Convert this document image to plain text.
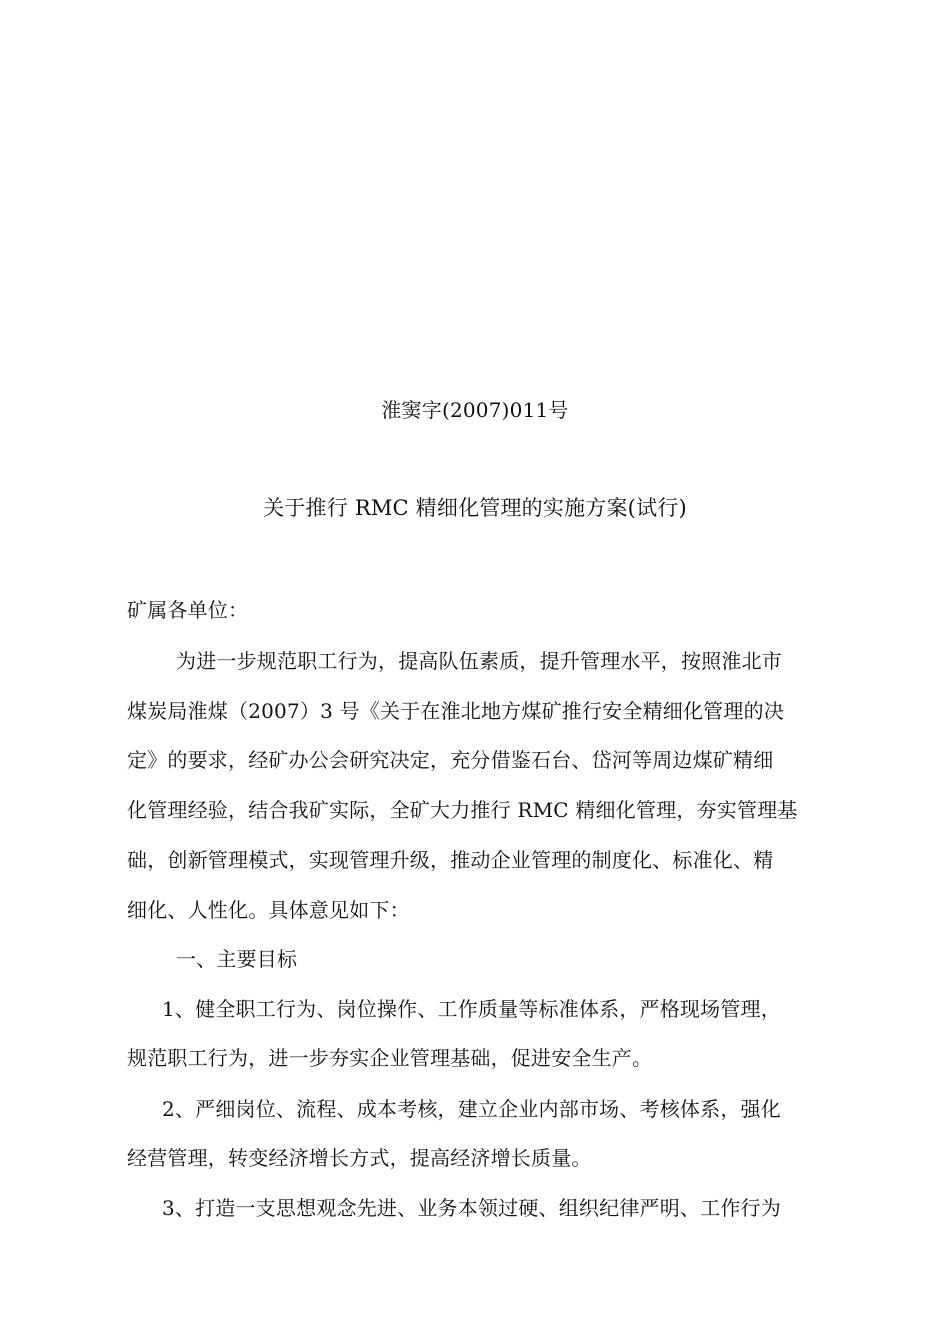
淮窦字(2007)011号
关于推行 RMC 精细化管理的实施方案(试行)
矿属各单位：
为进一步规范职工行为，提高队伍素质，提升管理水平，按照淮北市
煤炭局淮煤（2007）3 号《关于在淮北地方煤矿推行安全精细化管理的决
定》的要求，经矿办公会研究决定，充分借鉴石台、岱河等周边煤矿精细
化管理经验，结合我矿实际，全矿大力推行 RMC 精细化管理，夯实管理基
础，创新管理模式，实现管理升级，推动企业管理的制度化、标准化、精
细化、人性化。具体意见如下：
一、主要目标
1、健全职工行为、岗位操作、工作质量等标准体系，严格现场管理，
规范职工行为，进一步夯实企业管理基础，促进安全生产。
2、严细岗位、流程、成本考核，建立企业内部市场、考核体系，强化
经营管理，转变经济增长方式，提高经济增长质量。
3、打造一支思想观念先进、业务本领过硬、组织纪律严明、工作行为
